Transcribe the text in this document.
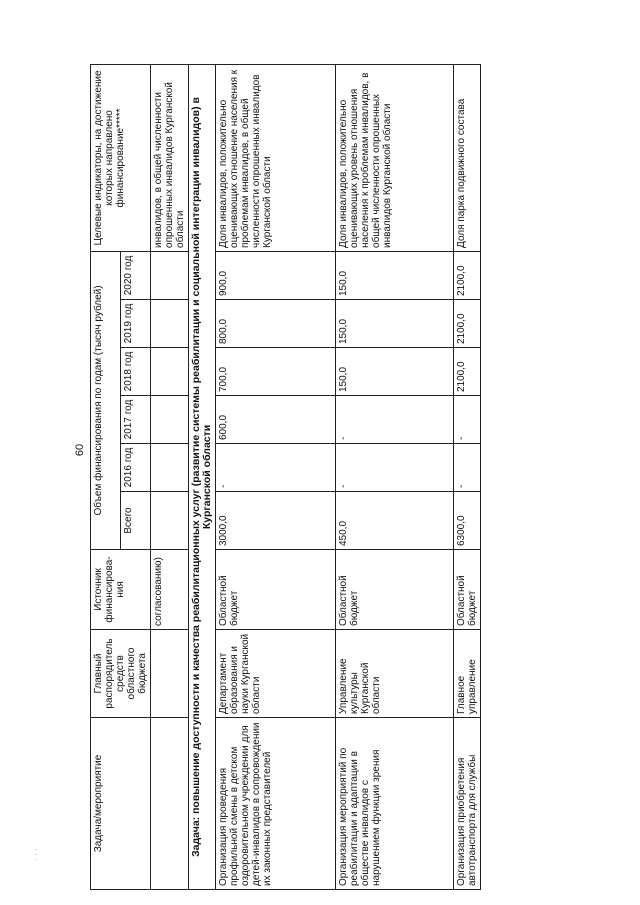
60
· · ·
Задача/мероприятие	Главный распорядитель средств областного бюджета	Источник финансирова-ния	Объем финансирования по годам (тысяч рублей)						Целевые индикаторы, на достижение которых направлено финансирование*****
			Всего	2016 год	2017 год	2018 год	2019 год	2020 год	
		согласованию)							инвалидов, в общей численности опрошенных инвалидов Курганской области
Задача: повышение доступности и качества реабилитационных услуг (развитие системы реабилитации и социальной интеграции инвалидов) в Курганской области									
Организация проведения профильной смены в детском оздоровительном учреждении для детей-инвалидов в сопровождении их законных представителей	Департамент образования и науки Курганской области	Областной бюджет	3000,0	-	600,0	700,0	800,0	900,0	Доля инвалидов, положительно оценивающих отношение населения к проблемам инвалидов, в общей численности опрошенных инвалидов Курганской области
Организация мероприятий по реабилитации и адаптации в обществе инвалидов с нарушением функции зрения	Управление культуры Курганской области	Областной бюджет	450,0	-	-	150,0	150,0	150,0	Доля инвалидов, положительно оценивающих уровень отношения населения к проблемам инвалидов, в общей численности опрошенных инвалидов Курганской области
Организация приобретения автотранспорта для службы	Главное управление	Областной бюджет	6300,0	-	-	2100,0	2100,0	2100,0	Доля парка подвижного состава
